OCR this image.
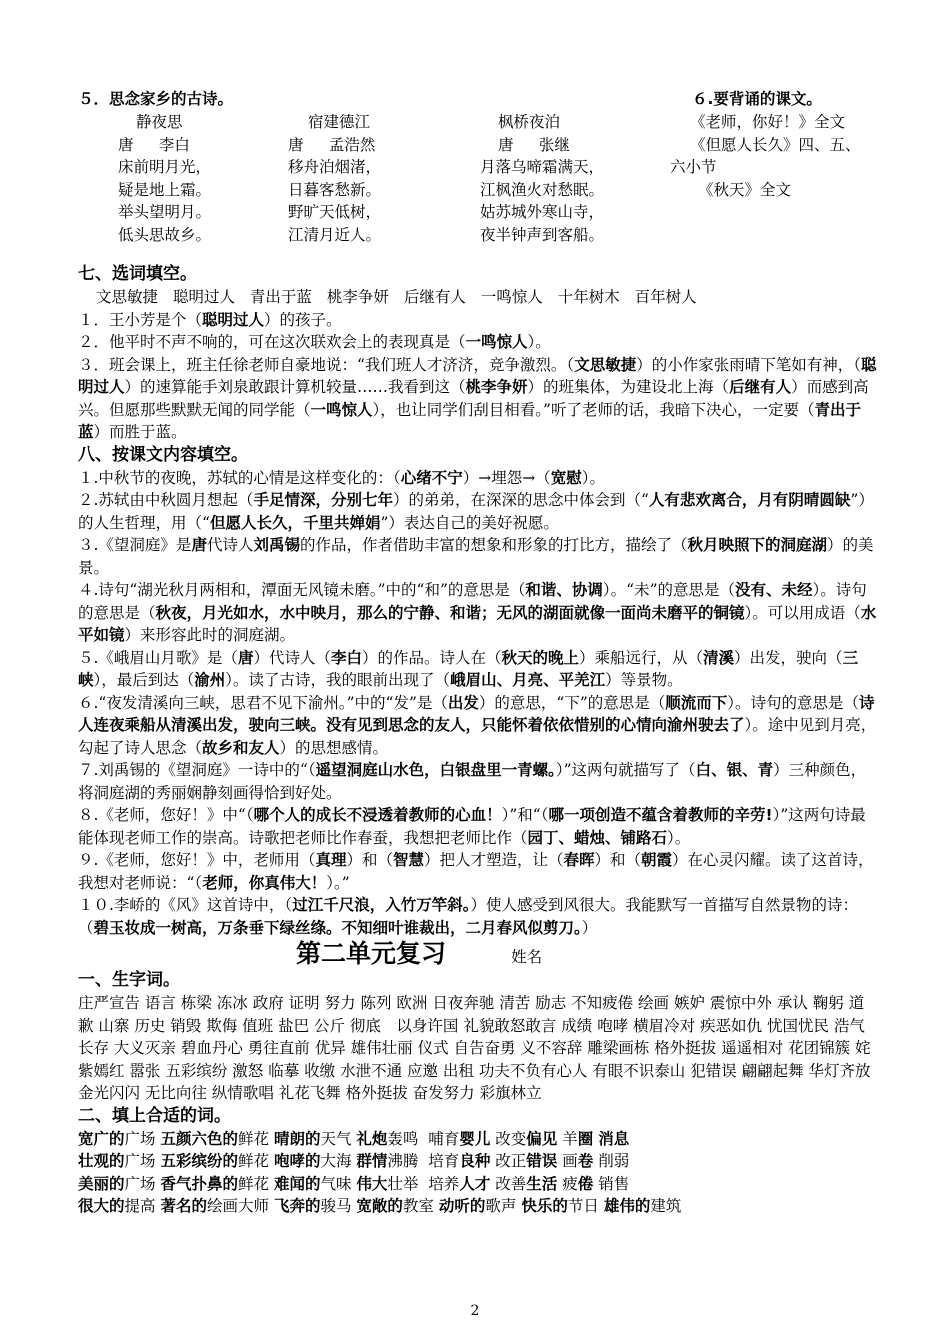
５．思念家乡的古诗。	６.要背诵的课文。
静夜思
唐 　 李白
床前明月光，
疑是地上霜。
举头望明月。
低头思故乡。
宿建德江
唐 　 孟浩然
移舟泊烟渚，
日暮客愁新。
野旷天低树，
江清月近人。
枫桥夜泊
唐 　 张继
月落乌啼霜满天，
江枫渔火对愁眠。
姑苏城外寒山寺，
夜半钟声到客船。
《老师，你好！》全文
《但愿人长久》四、五、
六小节
《秋天》全文
七、选词填空。
文思敏捷 聪明过人 青出于蓝 桃李争妍 后继有人 一鸣惊人 十年树木 百年树人
１．王小芳是个（聪明过人）的孩子。
２．他平时不声不响的，可在这次联欢会上的表现真是（一鸣惊人）。
３．班会课上，班主任徐老师自豪地说：“我们班人才济济，竞争激烈。（文思敏捷）的小作家张雨晴下笔如有神，（聪明过人）的速算能手刘泉敢跟计算机较量……我看到这（桃李争妍）的班集体，为建设北上海（后继有人）而感到高兴。但愿那些默默无闻的同学能（一鸣惊人），也让同学们刮目相看。”听了老师的话，我暗下决心，一定要（青出于蓝）而胜于蓝。
八、按课文内容填空。
１.中秋节的夜晚，苏轼的心情是这样变化的：（心绪不宁）→埋怨→（宽慰）。
２.苏轼由中秋圆月想起（手足情深，分别七年）的弟弟，在深深的思念中体会到（“人有悲欢离合，月有阴晴圆缺”）的人生哲理，用（“但愿人长久，千里共婵娟”）表达自己的美好祝愿。
３.《望洞庭》是唐代诗人刘禹锡的作品，作者借助丰富的想象和形象的打比方，描绘了（秋月映照下的洞庭湖）的美景。
４.诗句“湖光秋月两相和，潭面无风镜未磨。”中的“和”的意思是（和谐、协调）。“未”的意思是（没有、未经）。诗句的意思是（秋夜，月光如水，水中映月，那么的宁静、和谐；无风的湖面就像一面尚未磨平的铜镜）。可以用成语（水平如镜）来形容此时的洞庭湖。
５.《峨眉山月歌》是（唐）代诗人（李白）的作品。诗人在（秋天的晚上）乘船远行，从（清溪）出发，驶向（三峡），最后到达（渝州）。读了古诗，我的眼前出现了（峨眉山、月亮、平羌江）等景物。
６.“夜发清溪向三峡，思君不见下渝州。”中的“发”是（出发）的意思，“下”的意思是（顺流而下）。诗句的意思是（诗人连夜乘船从清溪出发，驶向三峡。没有见到思念的友人，只能怀着依依惜别的心情向渝州驶去了）。途中见到月亮，勾起了诗人思念（故乡和友人）的思想感情。
７.刘禹锡的《望洞庭》一诗中的“（遥望洞庭山水色，白银盘里一青螺。）”这两句就描写了（白、银、青）三种颜色，将洞庭湖的秀丽娴静刻画得恰到好处。
８.《老师，您好！》中“（哪个人的成长不浸透着教师的心血！）”和“（哪一项创造不蕴含着教师的辛劳!）”这两句诗最能体现老师工作的崇高。诗歌把老师比作春蚕，我想把老师比作（园丁、蜡烛、铺路石）。
９.《老师，您好！》中，老师用（真理）和（智慧）把人才塑造，让（春晖）和（朝霞）在心灵闪耀。读了这首诗，我想对老师说：“（老师，你真伟大！）。”
１０.李峤的《风》这首诗中，（过江千尺浪，入竹万竿斜。）使人感受到风很大。我能默写一首描写自然景物的诗：（碧玉妆成一树高，万条垂下绿丝绦。不知细叶谁裁出，二月春风似剪刀。）
第二单元复习	姓名
一、生字词。
庄严宣告 语言 栋梁 冻冰 政府 证明 努力 陈列 欧洲 日夜奔驰 清苦 励志 不知疲倦 绘画 嫉妒 震惊中外 承认 鞠躬 道歉 山寨 历史 销毁 欺侮 值班 盐巴 公斤 彻底　以身许国 礼貌敢怒敢言 成绩 咆哮 横眉冷对 疾恶如仇 忧国忧民 浩气长存 大义灭亲 碧血丹心 勇往直前 优异 雄伟壮丽 仪式 自告奋勇 义不容辞 雕梁画栋 格外挺拔 遥遥相对 花团锦簇 姹紫嫣红 嚣张 五彩缤纷 激怒 临摹 收缴 水泄不通 应邀 出租 功夫不负有心人 有眼不识泰山 犯错误 翩翩起舞 华灯齐放 金光闪闪 无比向往 纵情歌唱 礼花飞舞 格外挺拔 奋发努力 彩旗林立
二、填上合适的词。
宽广的广场 五颜六色的鲜花 晴朗的天气 礼炮轰鸣 哺育婴儿 改变偏见 羊圈 消息
壮观的广场 五彩缤纷的鲜花 咆哮的大海 群情沸腾 培育良种 改正错误 画卷 削弱
美丽的广场 香气扑鼻的鲜花 难闻的气味 伟大壮举 培养人才 改善生活 疲倦 销售
很大的提高 著名的绘画大师 飞奔的骏马 宽敞的教室 动听的歌声 快乐的节日 雄伟的建筑
2
